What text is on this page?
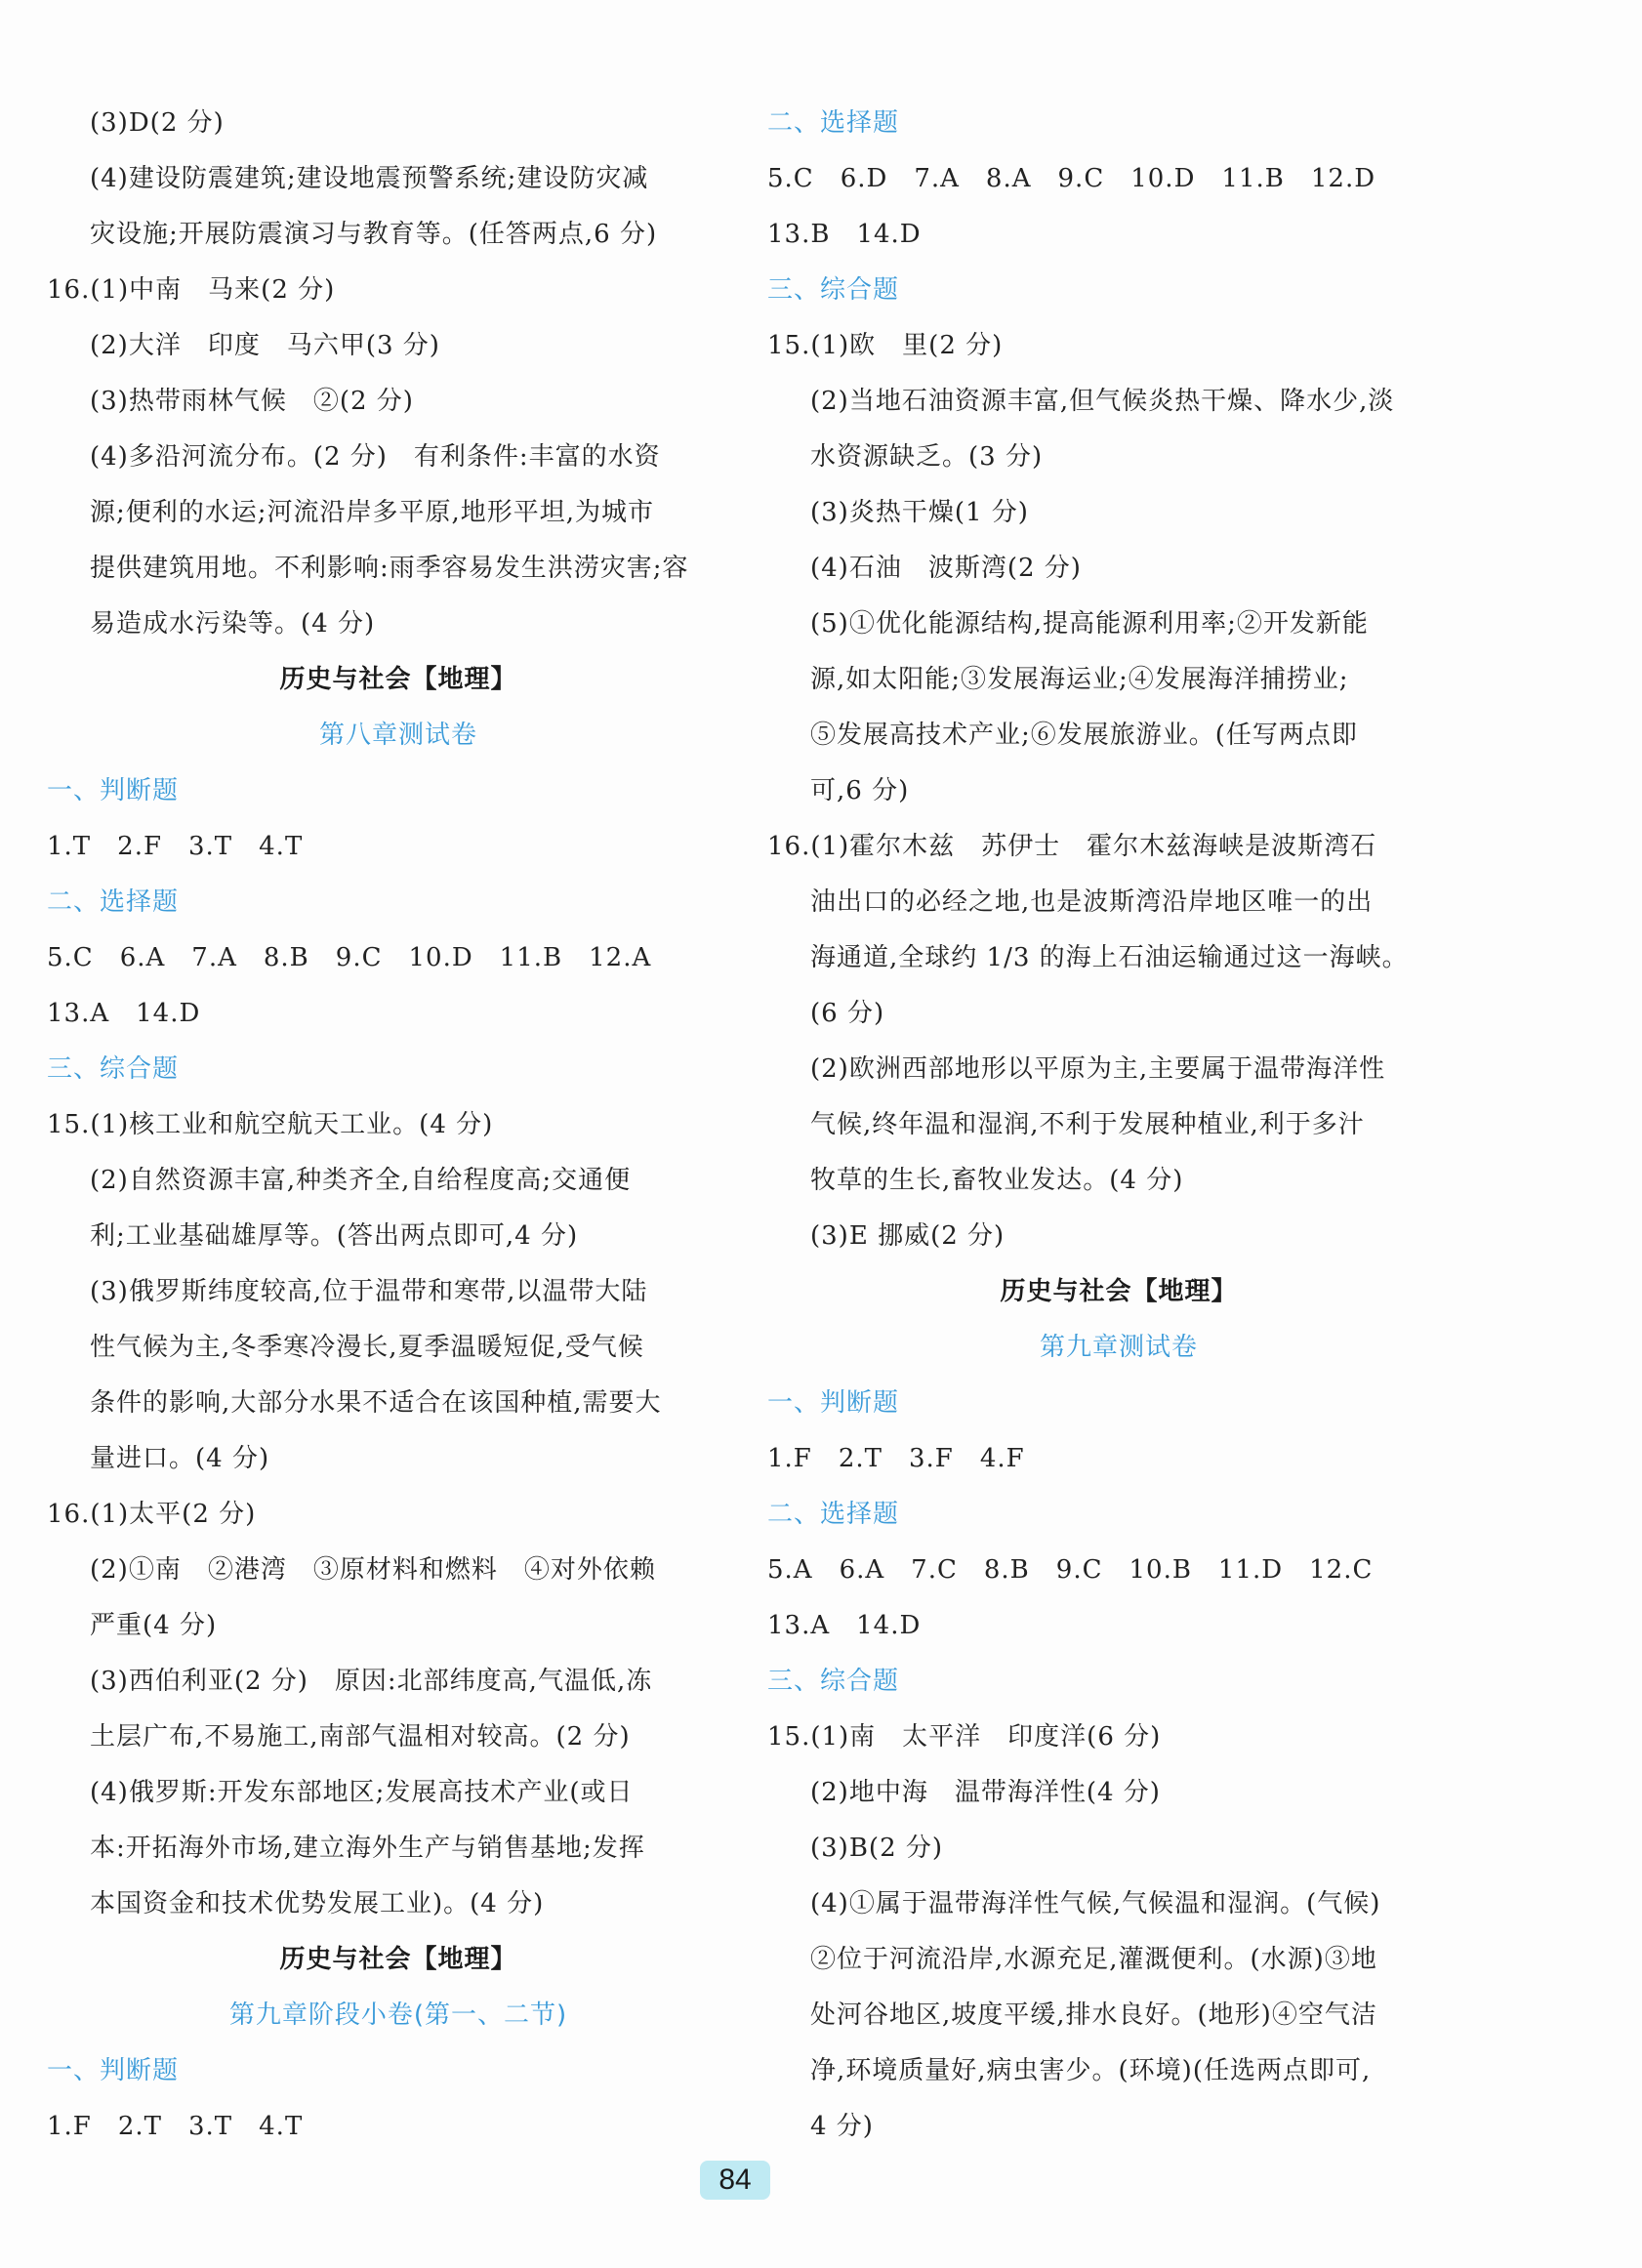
(3)D(2 分)
(4)建设防震建筑;建设地震预警系统;建设防灾减
灾设施;开展防震演习与教育等。(任答两点,6 分)
16.(1)中南　马来(2 分)
(2)大洋　印度　马六甲(3 分)
(3)热带雨林气候　②(2 分)
(4)多沿河流分布。(2 分)　有利条件:丰富的水资
源;便利的水运;河流沿岸多平原,地形平坦,为城市
提供建筑用地。不利影响:雨季容易发生洪涝灾害;容
易造成水污染等。(4 分)
历史与社会【地理】
第八章测试卷
一、判断题
1.T　2.F　3.T　4.T
二、选择题
5.C　6.A　7.A　8.B　9.C　10.D　11.B　12.A
13.A　14.D
三、综合题
15.(1)核工业和航空航天工业。(4 分)
(2)自然资源丰富,种类齐全,自给程度高;交通便
利;工业基础雄厚等。(答出两点即可,4 分)
(3)俄罗斯纬度较高,位于温带和寒带,以温带大陆
性气候为主,冬季寒冷漫长,夏季温暖短促,受气候
条件的影响,大部分水果不适合在该国种植,需要大
量进口。(4 分)
16.(1)太平(2 分)
(2)①南　②港湾　③原材料和燃料　④对外依赖
严重(4 分)
(3)西伯利亚(2 分)　原因:北部纬度高,气温低,冻
土层广布,不易施工,南部气温相对较高。(2 分)
(4)俄罗斯:开发东部地区;发展高技术产业(或日
本:开拓海外市场,建立海外生产与销售基地;发挥
本国资金和技术优势发展工业)。(4 分)
历史与社会【地理】
第九章阶段小卷(第一、二节)
一、判断题
1.F　2.T　3.T　4.T
二、选择题
5.C　6.D　7.A　8.A　9.C　10.D　11.B　12.D
13.B　14.D
三、综合题
15.(1)欧　里(2 分)
(2)当地石油资源丰富,但气候炎热干燥、降水少,淡
水资源缺乏。(3 分)
(3)炎热干燥(1 分)
(4)石油　波斯湾(2 分)
(5)①优化能源结构,提高能源利用率;②开发新能
源,如太阳能;③发展海运业;④发展海洋捕捞业;
⑤发展高技术产业;⑥发展旅游业。(任写两点即
可,6 分)
16.(1)霍尔木兹　苏伊士　霍尔木兹海峡是波斯湾石
油出口的必经之地,也是波斯湾沿岸地区唯一的出
海通道,全球约 1/3 的海上石油运输通过这一海峡。
(6 分)
(2)欧洲西部地形以平原为主,主要属于温带海洋性
气候,终年温和湿润,不利于发展种植业,利于多汁
牧草的生长,畜牧业发达。(4 分)
(3)E 挪威(2 分)
历史与社会【地理】
第九章测试卷
一、判断题
1.F　2.T　3.F　4.F
二、选择题
5.A　6.A　7.C　8.B　9.C　10.B　11.D　12.C
13.A　14.D
三、综合题
15.(1)南　太平洋　印度洋(6 分)
(2)地中海　温带海洋性(4 分)
(3)B(2 分)
(4)①属于温带海洋性气候,气候温和湿润。(气候)
②位于河流沿岸,水源充足,灌溉便利。(水源)③地
处河谷地区,坡度平缓,排水良好。(地形)④空气洁
净,环境质量好,病虫害少。(环境)(任选两点即可,
4 分)
84
